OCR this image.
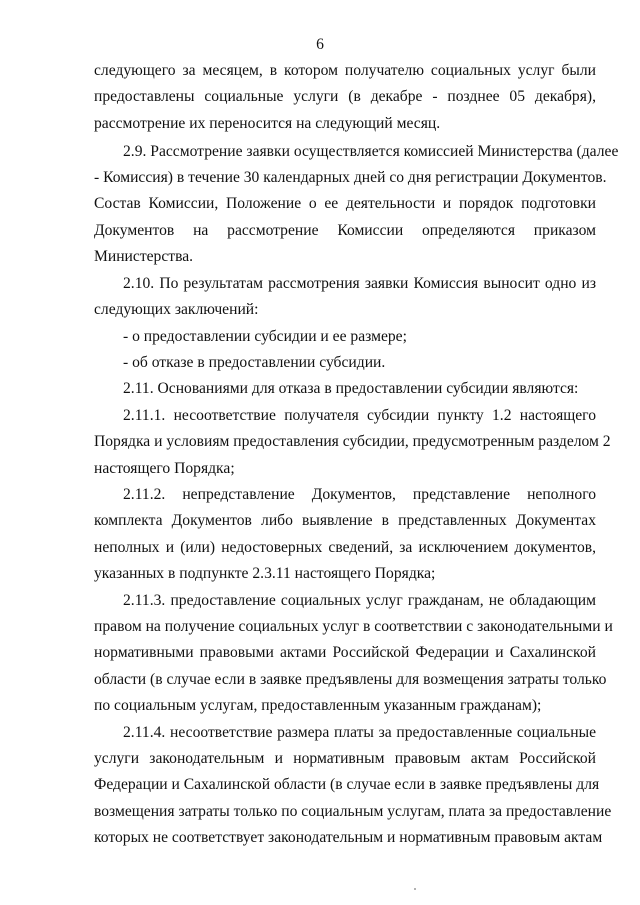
6
следующего за месяцем, в котором получателю социальных услуг были
предоставлены социальные услуги (в декабре - позднее 05 декабря),
рассмотрение их переносится на следующий месяц.
2.9. Рассмотрение заявки осуществляется комиссией Министерства (далее
- Комиссия) в течение 30 календарных дней со дня регистрации Документов.
Состав Комиссии, Положение о ее деятельности и порядок подготовки
Документов на рассмотрение Комиссии определяются приказом
Министерства.
2.10. По результатам рассмотрения заявки Комиссия выносит одно из
следующих заключений:
- о предоставлении субсидии и ее размере;
- об отказе в предоставлении субсидии.
2.11. Основаниями для отказа в предоставлении субсидии являются:
2.11.1. несоответствие получателя субсидии пункту 1.2 настоящего
Порядка и условиям предоставления субсидии, предусмотренным разделом 2
настоящего Порядка;
2.11.2. непредставление Документов, представление неполного
комплекта Документов либо выявление в представленных Документах
неполных и (или) недостоверных сведений, за исключением документов,
указанных в подпункте 2.3.11 настоящего Порядка;
2.11.3. предоставление социальных услуг гражданам, не обладающим
правом на получение социальных услуг в соответствии с законодательными и
нормативными правовыми актами Российской Федерации и Сахалинской
области (в случае если в заявке предъявлены для возмещения затраты только
по социальным услугам, предоставленным указанным гражданам);
2.11.4. несоответствие размера платы за предоставленные социальные
услуги законодательным и нормативным правовым актам Российской
Федерации и Сахалинской области (в случае если в заявке предъявлены для
возмещения затраты только по социальным услугам, плата за предоставление
которых не соответствует законодательным и нормативным правовым актам
